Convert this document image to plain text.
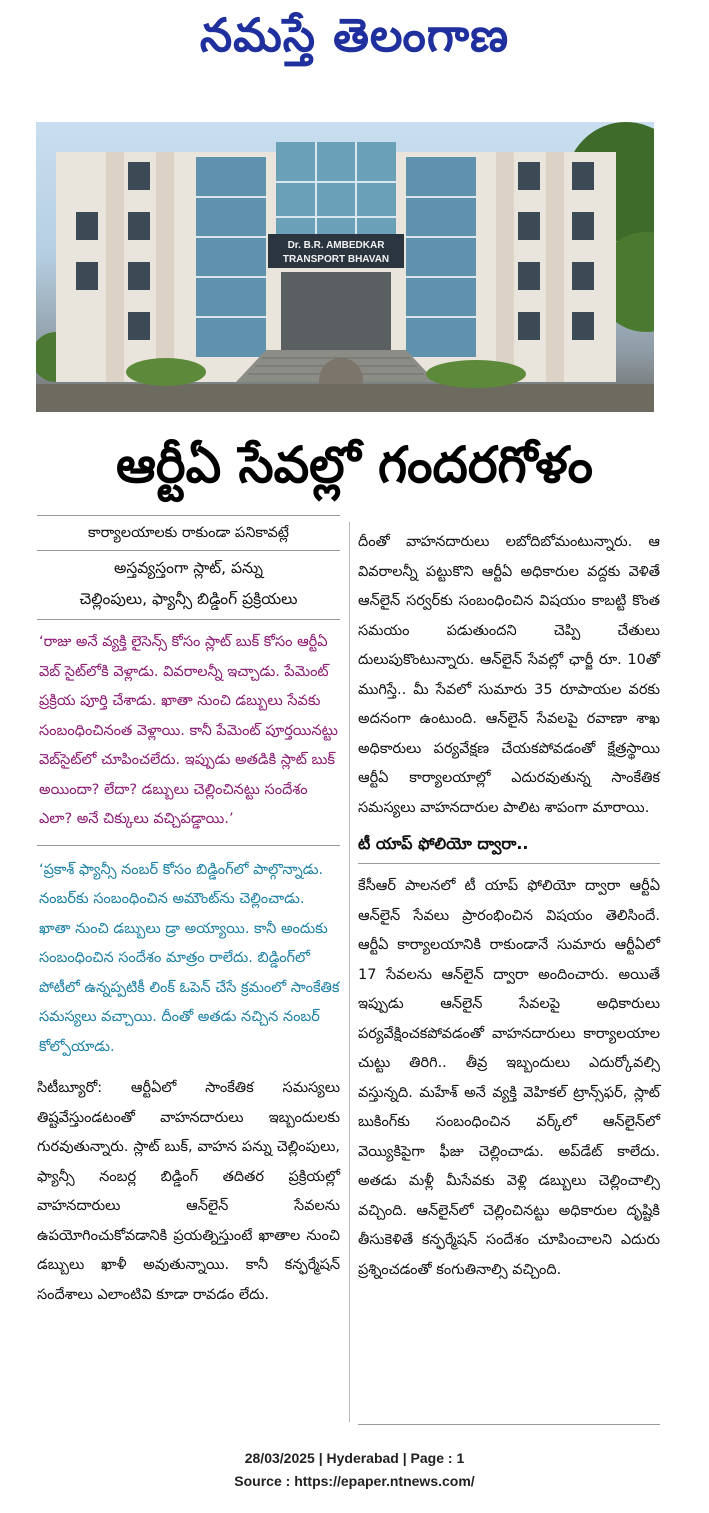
నమస్తే తెలంగాణ
Dr. B.R. AMBEDKAR
TRANSPORT BHAVAN
ఆర్టీఏ సేవల్లో గందరగోళం

కార్యాలయాలకు రాకుండా పనికావట్లే

అస్తవ్యస్తంగా స్లాట్, పన్ను

చెల్లింపులు, ఫ్యాన్సీ బిడ్డింగ్ ప్రక్రియలు

‘రాజు అనే వ్యక్తి లైసెన్స్ కోసం స్లాట్ బుక్ కోసం ఆర్టీఏ వెబ్ సైట్‌లోకి వెళ్లాడు. వివరాలన్నీ ఇచ్చాడు. పేమెంట్ ప్రక్రియ పూర్తి చేశాడు. ఖాతా నుంచి డబ్బులు సేవకు సంబంధించినంత వెళ్లాయి. కానీ పేమెంట్ పూర్తయినట్టు వెబ్‌సైట్‌లో చూపించలేదు. ఇప్పుడు అతడికి స్లాట్ బుక్ అయిందా? లేదా? డబ్బులు చెల్లించినట్టు సందేశం ఎలా? అనే చిక్కులు వచ్చిపడ్డాయి.’

‘ప్రకాశ్ ఫ్యాన్సీ నంబర్ కోసం బిడ్డింగ్‌లో పాల్గొన్నాడు. నంబర్‌కు సంబంధించిన అమౌంట్‌ను చెల్లించాడు. ఖాతా నుంచి డబ్బులు డ్రా అయ్యాయి. కానీ అందుకు సంబంధించిన సందేశం మాత్రం రాలేదు. బిడ్డింగ్‌లో పోటీలో ఉన్నప్పటికీ లింక్ ఓపెన్ చేసే క్రమంలో సాంకేతిక సమస్యలు వచ్చాయి. దీంతో అతడు నచ్చిన నంబర్ కోల్పోయాడు.

సిటీబ్యూరో: ఆర్టీఏలో సాంకేతిక సమస్యలు తిష్టవేస్తుండటంతో వాహనదారులు ఇబ్బందులకు గురవుతున్నారు. స్లాట్ బుక్, వాహన పన్ను చెల్లింపులు, ఫ్యాన్సీ నంబర్ల బిడ్డింగ్ తదితర ప్రక్రియల్లో వాహనదారులు ఆన్‌లైన్ సేవలను ఉపయోగించుకోవడానికి ప్రయత్నిస్తుంటే ఖాతాల నుంచి డబ్బులు ఖాళీ అవుతున్నాయి. కానీ కన్ఫర్మేషన్ సందేశాలు ఎలాంటివి కూడా రావడం లేదు.

దీంతో వాహనదారులు లబోదిబోమంటున్నారు. ఆ వివరాలన్నీ పట్టుకొని ఆర్టీఏ అధికారుల వద్దకు వెళితే ఆన్‌లైన్ సర్వర్‌కు సంబంధించిన విషయం కాబట్టి కొంత సమయం పడుతుందని చెప్పి చేతులు దులుపుకొంటున్నారు. ఆన్‌లైన్ సేవల్లో ఛార్జీ రూ. 10తో ముగిస్తే.. మీ సేవలో సుమారు 35 రూపాయల వరకు అదనంగా ఉంటుంది. ఆన్‌లైన్ సేవలపై రవాణా శాఖ అధికారులు పర్యవేక్షణ చేయకపోవడంతో క్షేత్రస్థాయి ఆర్టీఏ కార్యాలయాల్లో ఎదురవుతున్న సాంకేతిక సమస్యలు వాహనదారుల పాలిట శాపంగా మారాయి.

టీ యాప్ ఫోలియో ద్వారా..

కేసీఆర్ పాలనలో టీ యాప్ ఫోలియో ద్వారా ఆర్టీఏ ఆన్‌లైన్ సేవలు ప్రారంభించిన విషయం తెలిసిందే. ఆర్టీఏ కార్యాలయానికి రాకుండానే సుమారు ఆర్టీఏలో 17 సేవలను ఆన్‌లైన్ ద్వారా అందించారు. అయితే ఇప్పుడు ఆన్‌లైన్ సేవలపై అధికారులు పర్యవేక్షించకపోవడంతో వాహనదారులు కార్యాలయాల చుట్టు తిరిగి.. తీవ్ర ఇబ్బందులు ఎదుర్కోవల్సి వస్తున్నది. మహేశ్ అనే వ్యక్తి వెహికల్ ట్రాన్స్‌ఫర్, స్లాట్ బుకింగ్‌కు సంబంధించిన వర్క్‌లో ఆన్‌లైన్‌లో వెయ్యికిపైగా ఫీజు చెల్లించాడు. అప్‌డేట్ కాలేదు. అతడు మళ్లీ మీసేవకు వెళ్లి డబ్బులు చెల్లించాల్సి వచ్చింది. ఆన్‌లైన్‌లో చెల్లించినట్టు అధికారుల దృష్టికి తీసుకెళితే కన్ఫర్మేషన్ సందేశం చూపించాలని ఎదురు ప్రశ్నించడంతో కంగుతినాల్సి వచ్చింది.

28/03/2025 | Hyderabad | Page : 1
Source : https://epaper.ntnews.com/
